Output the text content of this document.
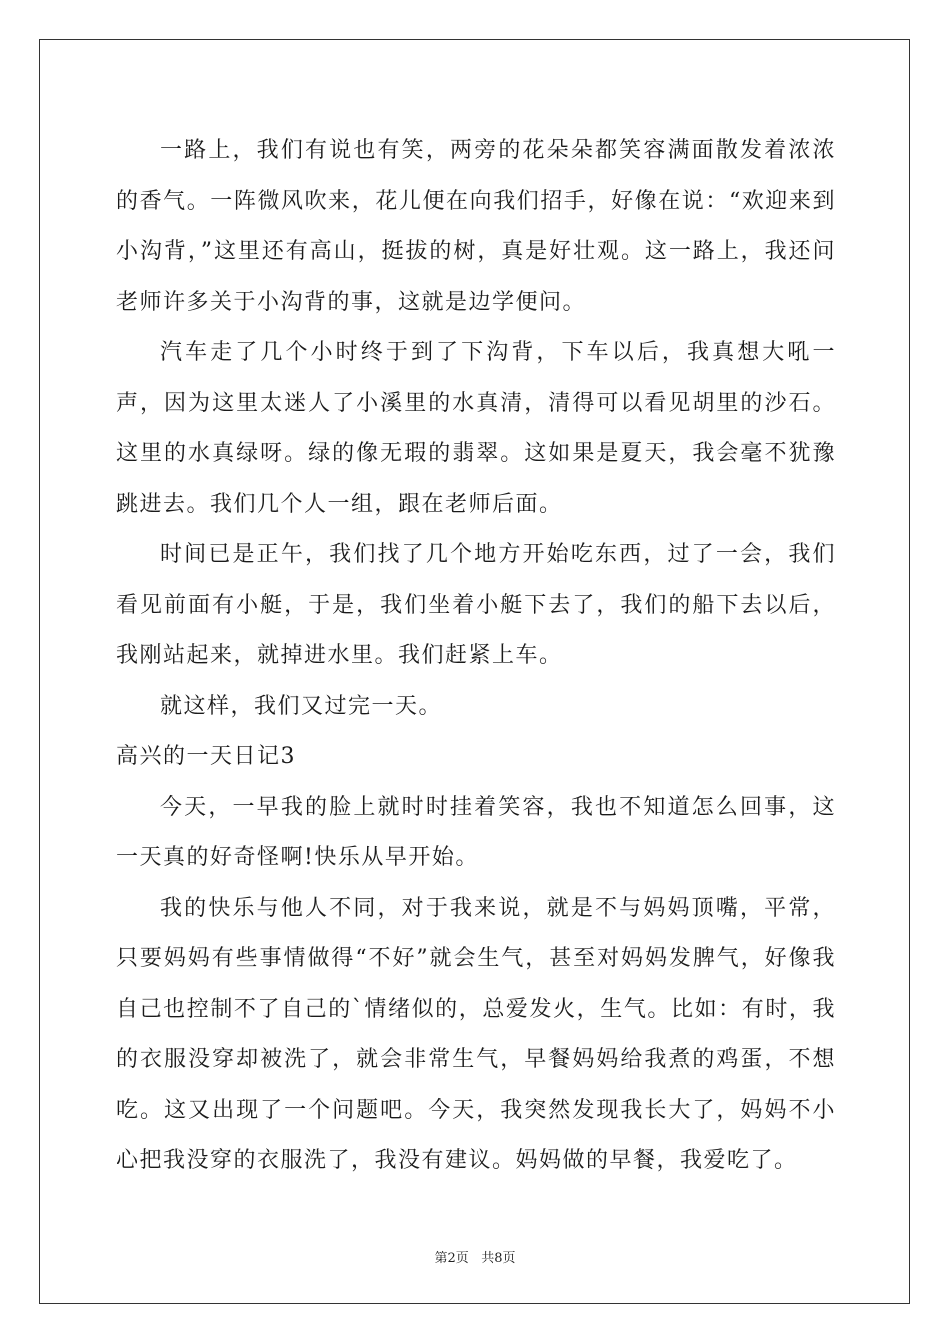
一路上，我们有说也有笑，两旁的花朵朵都笑容满面散发着浓浓的香气。一阵微风吹来，花儿便在向我们招手，好像在说：“欢迎来到小沟背，”这里还有高山，挺拔的树，真是好壮观。这一路上，我还问老师许多关于小沟背的事，这就是边学便问。

汽车走了几个小时终于到了下沟背，下车以后，我真想大吼一声，因为这里太迷人了小溪里的水真清，清得可以看见胡里的沙石。这里的水真绿呀。绿的像无瑕的翡翠。这如果是夏天，我会毫不犹豫跳进去。我们几个人一组，跟在老师后面。

时间已是正午，我们找了几个地方开始吃东西，过了一会，我们看见前面有小艇，于是，我们坐着小艇下去了，我们的船下去以后，我刚站起来，就掉进水里。我们赶紧上车。

就这样，我们又过完一天。

高兴的一天日记3

今天，一早我的脸上就时时挂着笑容，我也不知道怎么回事，这一天真的好奇怪啊!快乐从早开始。

我的快乐与他人不同，对于我来说，就是不与妈妈顶嘴，平常，只要妈妈有些事情做得“不好”就会生气，甚至对妈妈发脾气，好像我自己也控制不了自己的`情绪似的，总爱发火，生气。比如：有时，我的衣服没穿却被洗了，就会非常生气，早餐妈妈给我煮的鸡蛋，不想吃。这又出现了一个问题吧。今天，我突然发现我长大了，妈妈不小心把我没穿的衣服洗了，我没有建议。妈妈做的早餐，我爱吃了。

第2页 共8页
